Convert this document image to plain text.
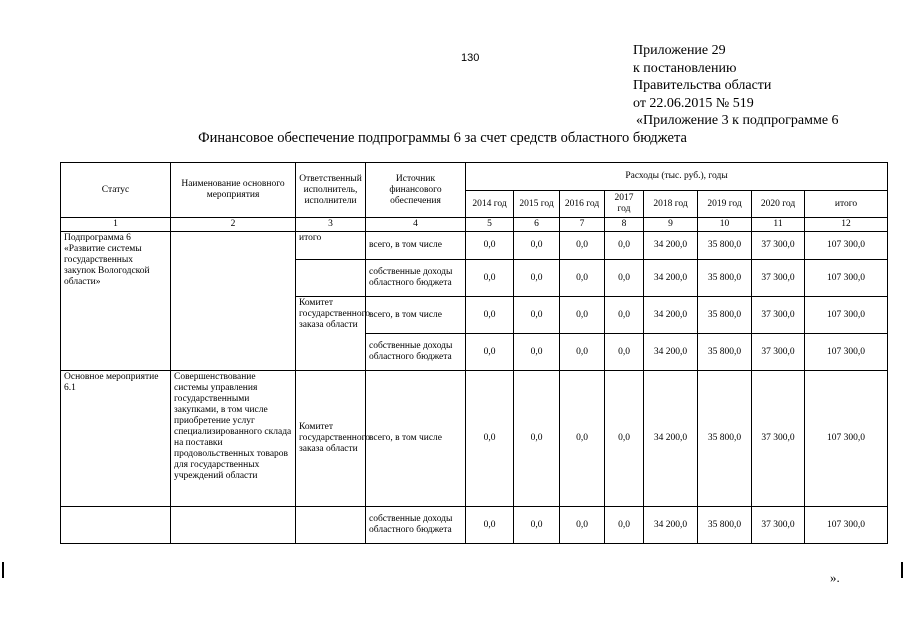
130	Приложение 29
к постановлению
Правительства области
от 22.06.2015 № 519
«Приложение 3 к подпрограмме 6
Финансовое обеспечение подпрограммы 6 за счет средств областного бюджета
Статус	Наименование основного мероприятия	Ответственный исполнитель, исполнители	Источник финансового обеспечения	Расходы (тыс. руб.), годы							
				2014 год	2015 год	2016 год	2017 год	2018 год	2019 год	2020 год	итого
1	2	3	4	5	6	7	8	9	10	11	12
Подпрограмма 6 «Развитие системы государственных закупок Вологодской области»		итого	всего, в том числе	0,0	0,0	0,0	0,0	34 200,0	35 800,0	37 300,0	107 300,0
			собственные доходы областного бюджета	0,0	0,0	0,0	0,0	34 200,0	35 800,0	37 300,0	107 300,0
		Комитет государственного заказа области	всего, в том числе	0,0	0,0	0,0	0,0	34 200,0	35 800,0	37 300,0	107 300,0
			собственные доходы областного бюджета	0,0	0,0	0,0	0,0	34 200,0	35 800,0	37 300,0	107 300,0
Основное мероприятие 6.1	Совершенствование системы управления государственными закупками, в том числе приобретение услуг специализированного склада на поставки продовольственных товаров для государственных учреждений области	Комитет государственного заказа области	всего, в том числе	0,0	0,0	0,0	0,0	34 200,0	35 800,0	37 300,0	107 300,0
			собственные доходы областного бюджета	0,0	0,0	0,0	0,0	34 200,0	35 800,0	37 300,0	107 300,0
».
